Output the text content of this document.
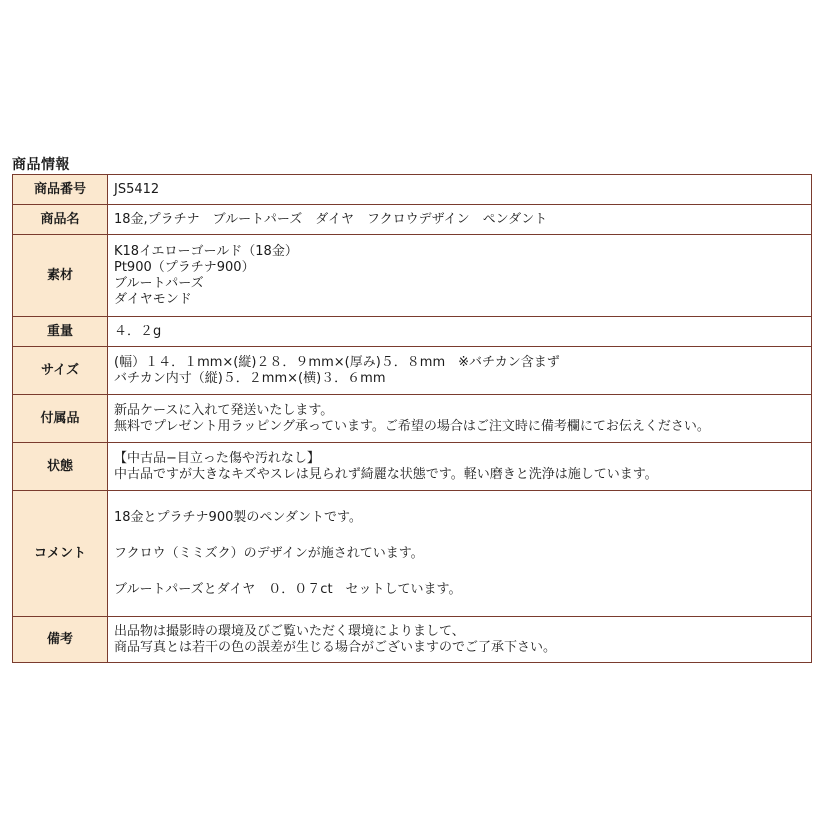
商品情報
商品番号	JS5412

商品名	18金,プラチナ　ブルートパーズ　ダイヤ　フクロウデザイン　ペンダント

素材	K18イエローゴールド（18金）
Pt900（プラチナ900）
ブルートパーズ
ダイヤモンド

重量	４．２g

サイズ	(幅）１４．１mm×(縦)２８．９mm×(厚み)５．８mm　※バチカン含まず
バチカン内寸（縦)５．２mm×(横)３．６mm

付属品	新品ケースに入れて発送いたします。
無料でプレゼント用ラッピング承っています。ご希望の場合はご注文時に備考欄にてお伝えください。

状態	【中古品−目立った傷や汚れなし】
中古品ですが大きなキズやスレは見られず綺麗な状態です。軽い磨きと洗浄は施しています。

コメント	18金とプラチナ900製のペンダントです。
フクロウ（ミミズク）のデザインが施されています。
ブルートパーズとダイヤ　０．０７ct　セットしています。

備考	出品物は撮影時の環境及びご覧いただく環境によりまして、
商品写真とは若干の色の誤差が生じる場合がございますのでご了承下さい。
